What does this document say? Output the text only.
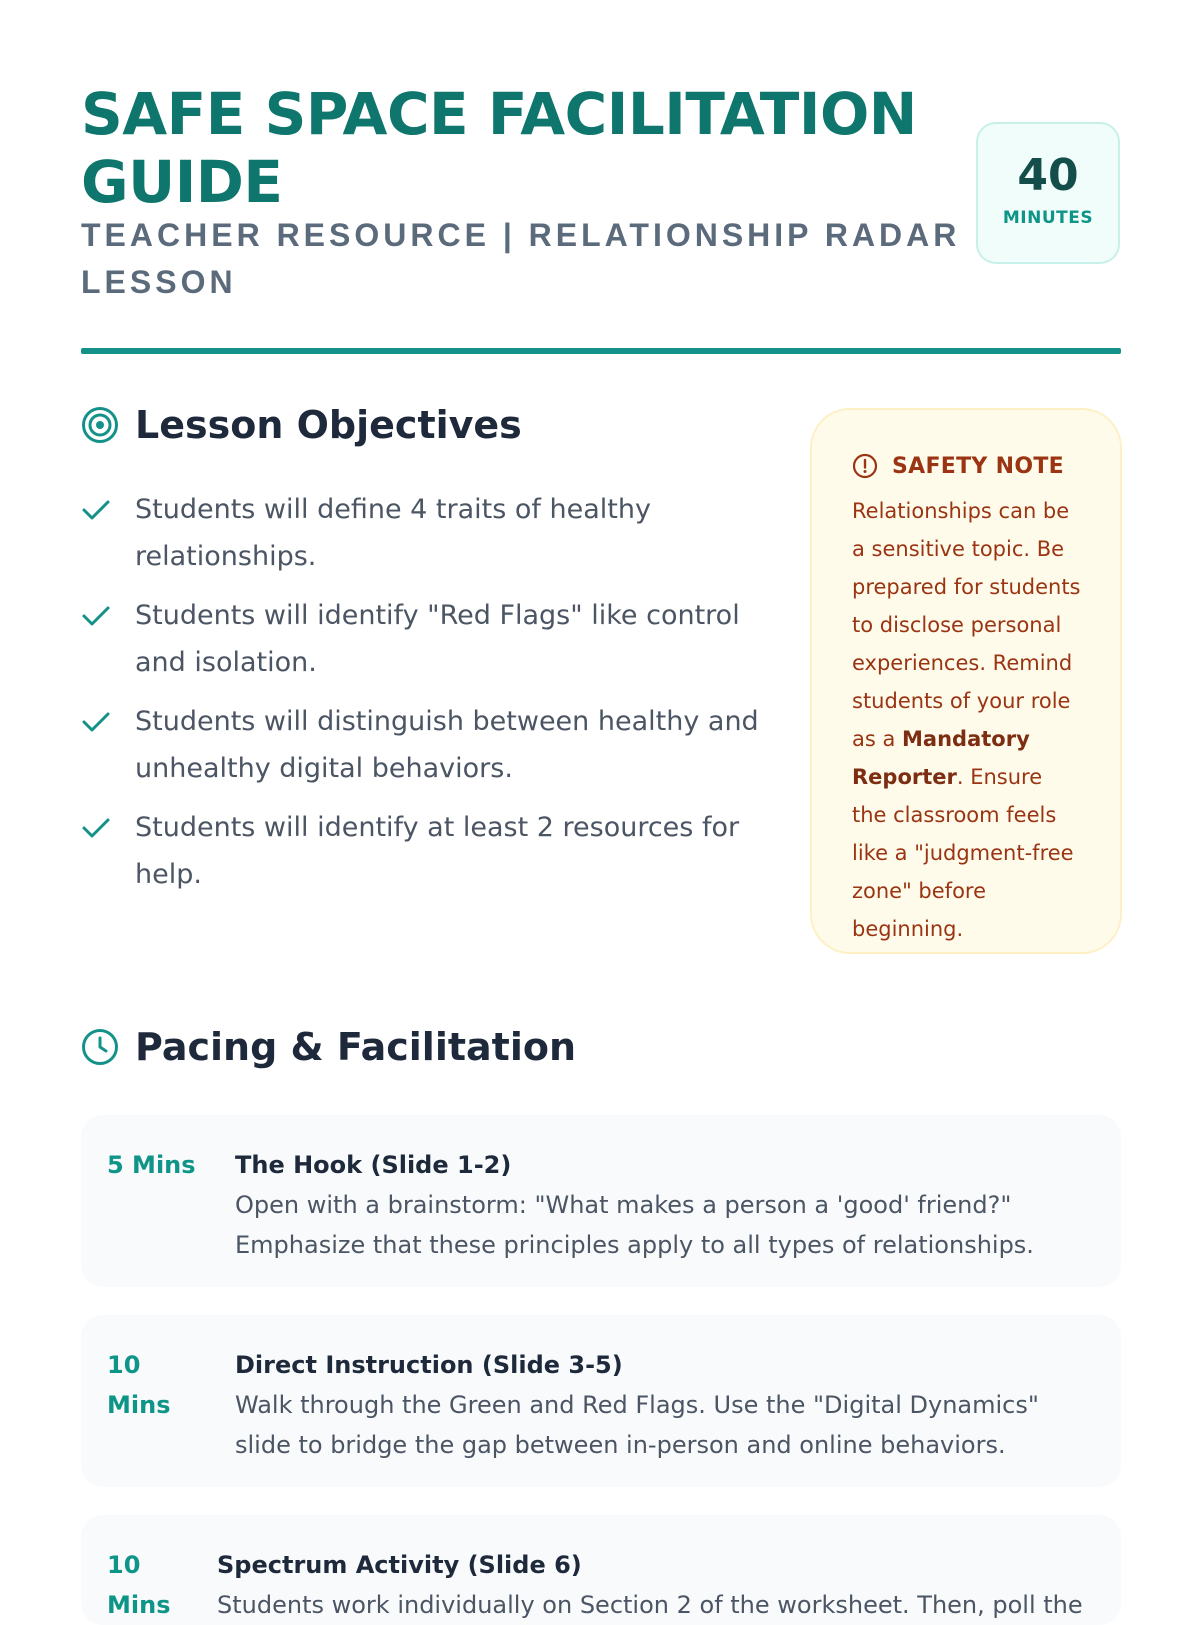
SAFE SPACE FACILITATION GUIDE
TEACHER RESOURCE | RELATIONSHIP RADAR LESSON
40
MINUTES
Lesson Objectives
Students will define 4 traits of healthy relationships.
Students will identify "Red Flags" like control and isolation.
Students will distinguish between healthy and unhealthy digital behaviors.
Students will identify at least 2 resources for help.
SAFETY NOTE
Relationships can be a sensitive topic. Be prepared for students to disclose personal experiences. Remind students of your role as a Mandatory Reporter. Ensure the classroom feels like a "judgment-free zone" before beginning.
Pacing & Facilitation
5 Mins	The Hook (Slide 1-2)
Open with a brainstorm: "What makes a person a 'good' friend?" Emphasize that these principles apply to all types of relationships.
10 Mins
Direct Instruction (Slide 3-5)
Walk through the Green and Red Flags. Use the "Digital Dynamics" slide to bridge the gap between in-person and online behaviors.
10 Mins
Spectrum Activity (Slide 6)
Students work individually on Section 2 of the worksheet. Then, poll the
